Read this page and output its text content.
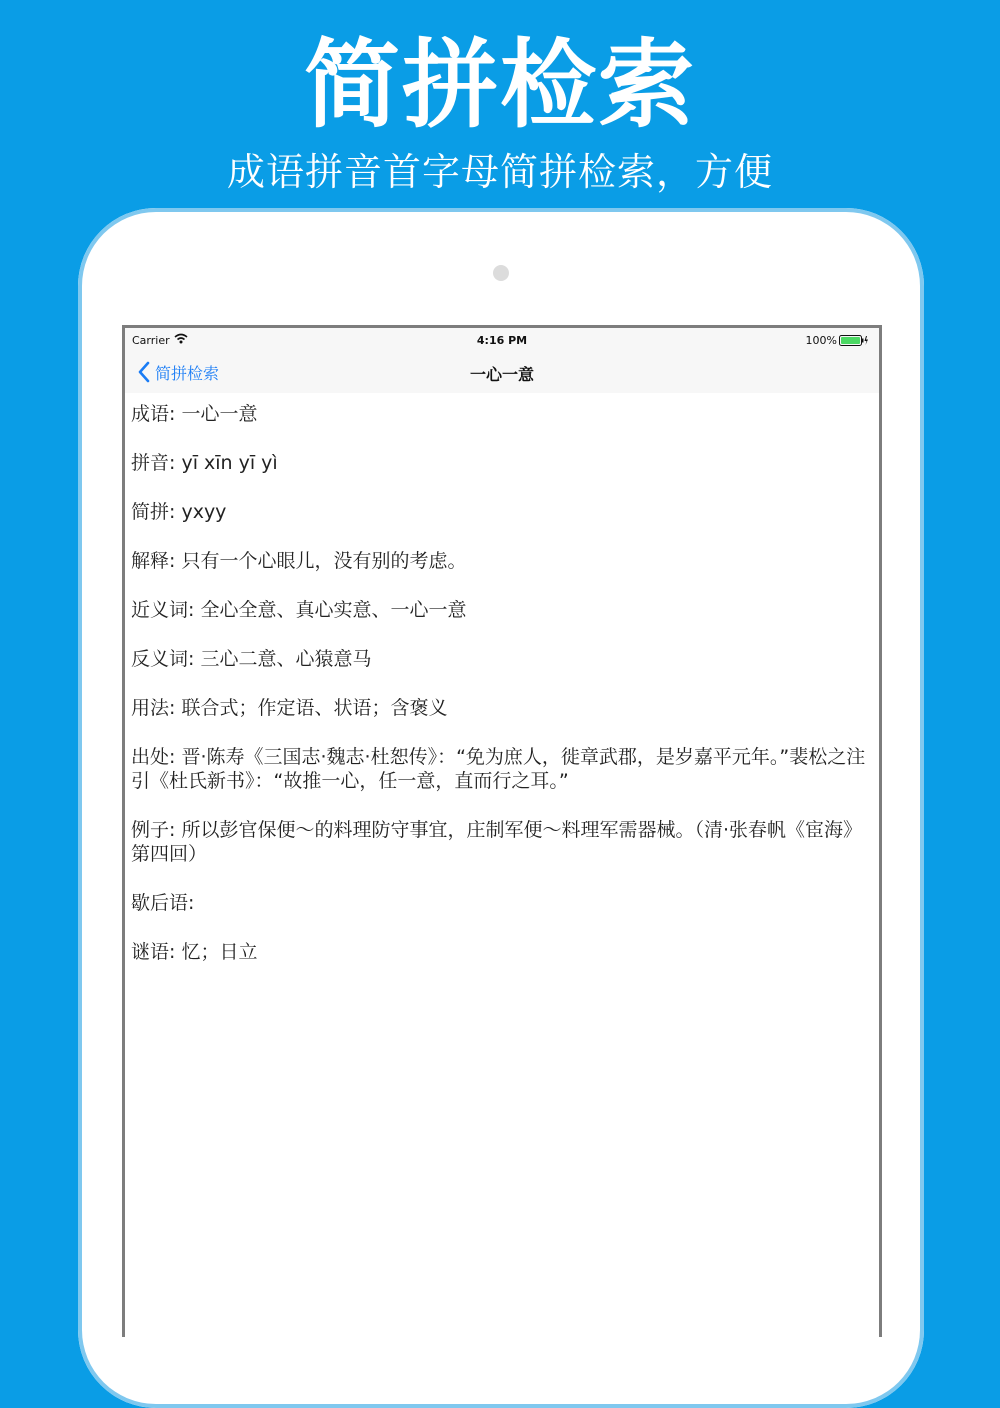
简拼检索
成语拼音首字母简拼检索，方便
Carrier	4:16 PM	100%
简拼检索	一心一意

成语: 一心一意

拼音: yī xīn yī yì

简拼: yxyy

解释: 只有一个心眼儿，没有别的考虑。

近义词: 全心全意、真心实意、一心一意

反义词: 三心二意、心猿意马

用法: 联合式；作定语、状语；含褒义

出处: 晋·陈寿《三国志·魏志·杜恕传》：“免为庶人，徙章武郡，是岁嘉平元年。”裴松之注引《杜氏新书》：“故推一心，任一意，直而行之耳。”

例子: 所以彭官保便～的料理防守事宜，庄制军便～料理军需器械。（清·张春帆《宦海》第四回）

歇后语:

谜语: 忆；日立
